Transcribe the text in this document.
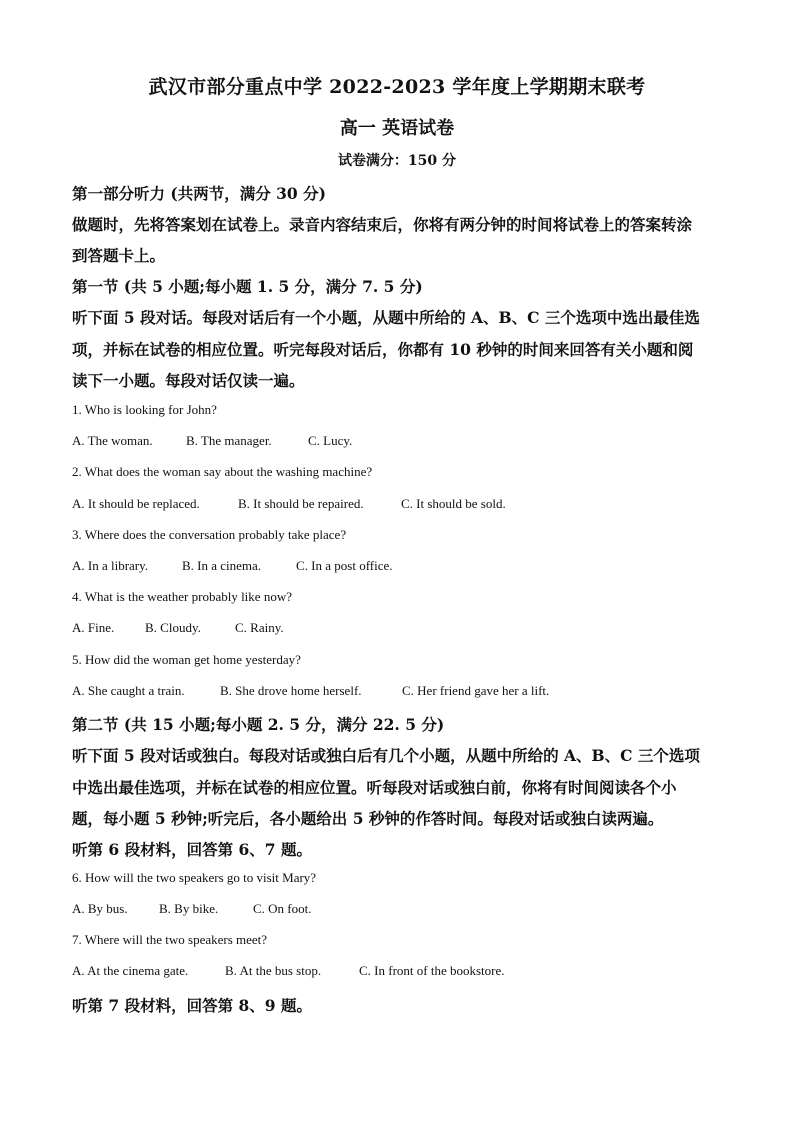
武汉市部分重点中学 2022-2023 学年度上学期期末联考
高一 英语试卷
试卷满分：150 分
第一部分听力 (共两节，满分 30 分)
做题时，先将答案划在试卷上。录音内容结束后，你将有两分钟的时间将试卷上的答案转涂
到答题卡上。
第一节 (共 5 小题;每小题 1. 5 分，满分 7. 5 分)
听下面 5 段对话。每段对话后有一个小题，从题中所给的 A、B、C 三个选项中选出最佳选
项，并标在试卷的相应位置。听完每段对话后，你都有 10 秒钟的时间来回答有关小题和阅
读下一小题。每段对话仅读一遍。
1. Who is looking for John?
A. The woman.	B. The manager.	C. Lucy.
2. What does the woman say about the washing machine?
A. It should be replaced.	B. It should be repaired.	C. It should be sold.
3. Where does the conversation probably take place?
A. In a library.	B. In a cinema.	C. In a post office.
4. What is the weather probably like now?
A. Fine. B. Cloudy.	C. Rainy.
5. How did the woman get home yesterday?
A. She caught a train.	B. She drove home herself.	C. Her friend gave her a lift.
第二节 (共 15 小题;每小题 2. 5 分，满分 22. 5 分)
听下面 5 段对话或独白。每段对话或独白后有几个小题，从题中所给的 A、B、C 三个选项
中选出最佳选项，并标在试卷的相应位置。听每段对话或独白前，你将有时间阅读各个小
题，每小题 5 秒钟;听完后，各小题给出 5 秒钟的作答时间。每段对话或独白读两遍。
听第 6 段材料，回答第 6、7 题。
6. How will the two speakers go to visit Mary?
A. By bus. B. By bike.	C. On foot.
7. Where will the two speakers meet?
A. At the cinema gate.	B. At the bus stop.	C. In front of the bookstore.
听第 7 段材料，回答第 8、9 题。
